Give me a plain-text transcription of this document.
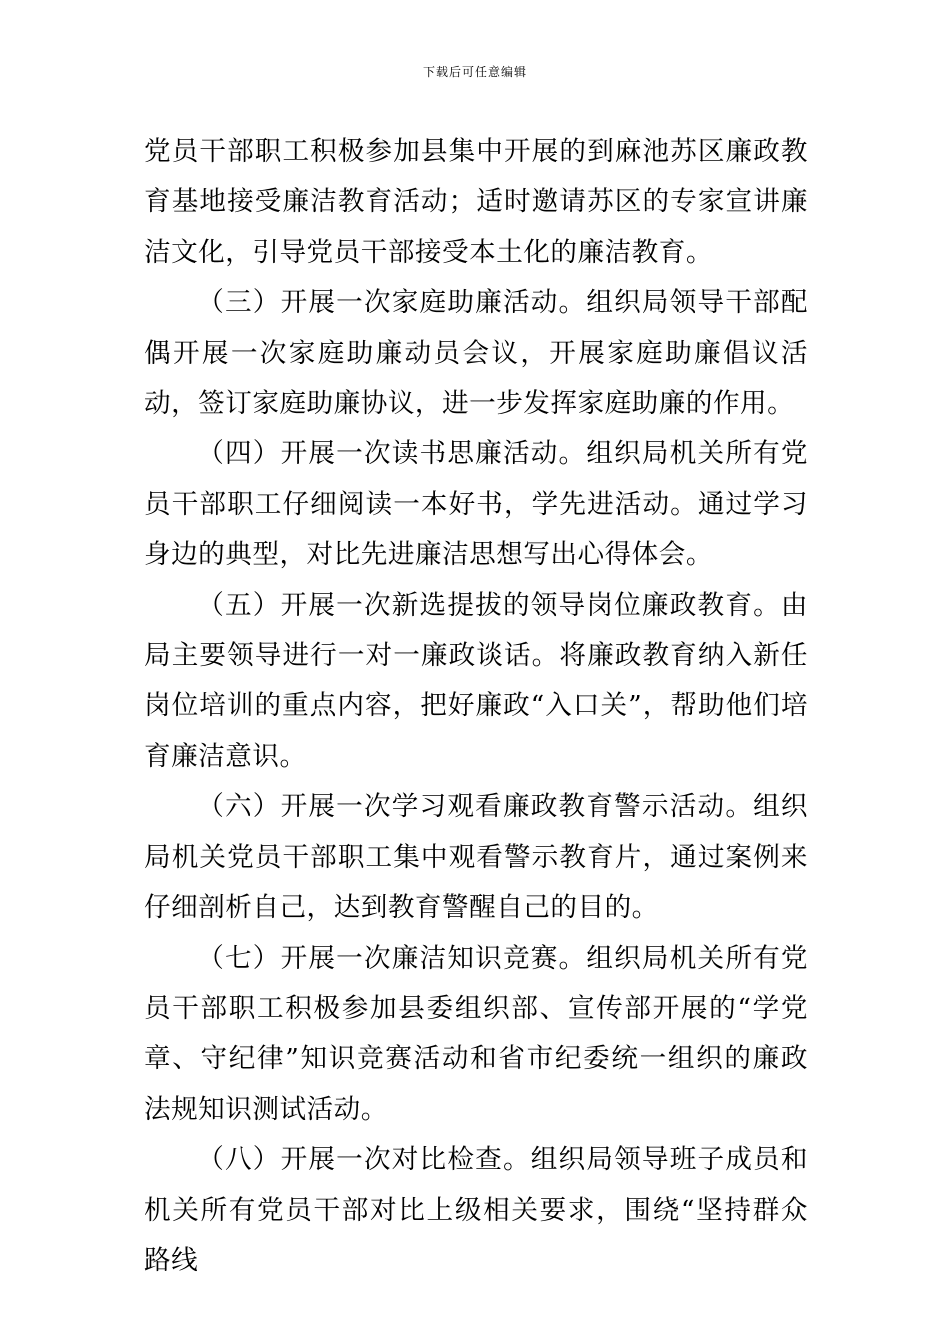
下载后可任意编辑

党员干部职工积极参加县集中开展的到麻池苏区廉政教育基地接受廉洁教育活动；适时邀请苏区的专家宣讲廉洁文化，引导党员干部接受本土化的廉洁教育。

（三）开展一次家庭助廉活动。组织局领导干部配偶开展一次家庭助廉动员会议，开展家庭助廉倡议活动，签订家庭助廉协议，进一步发挥家庭助廉的作用。

（四）开展一次读书思廉活动。组织局机关所有党员干部职工仔细阅读一本好书，学先进活动。通过学习身边的典型，对比先进廉洁思想写出心得体会。

（五）开展一次新选提拔的领导岗位廉政教育。由局主要领导进行一对一廉政谈话。将廉政教育纳入新任岗位培训的重点内容，把好廉政“入口关”，帮助他们培育廉洁意识。

（六）开展一次学习观看廉政教育警示活动。组织局机关党员干部职工集中观看警示教育片，通过案例来仔细剖析自己，达到教育警醒自己的目的。

（七）开展一次廉洁知识竞赛。组织局机关所有党员干部职工积极参加县委组织部、宣传部开展的“学党章、守纪律”知识竞赛活动和省市纪委统一组织的廉政法规知识测试活动。

（八）开展一次对比检查。组织局领导班子成员和机关所有党员干部对比上级相关要求，围绕“坚持群众路线
